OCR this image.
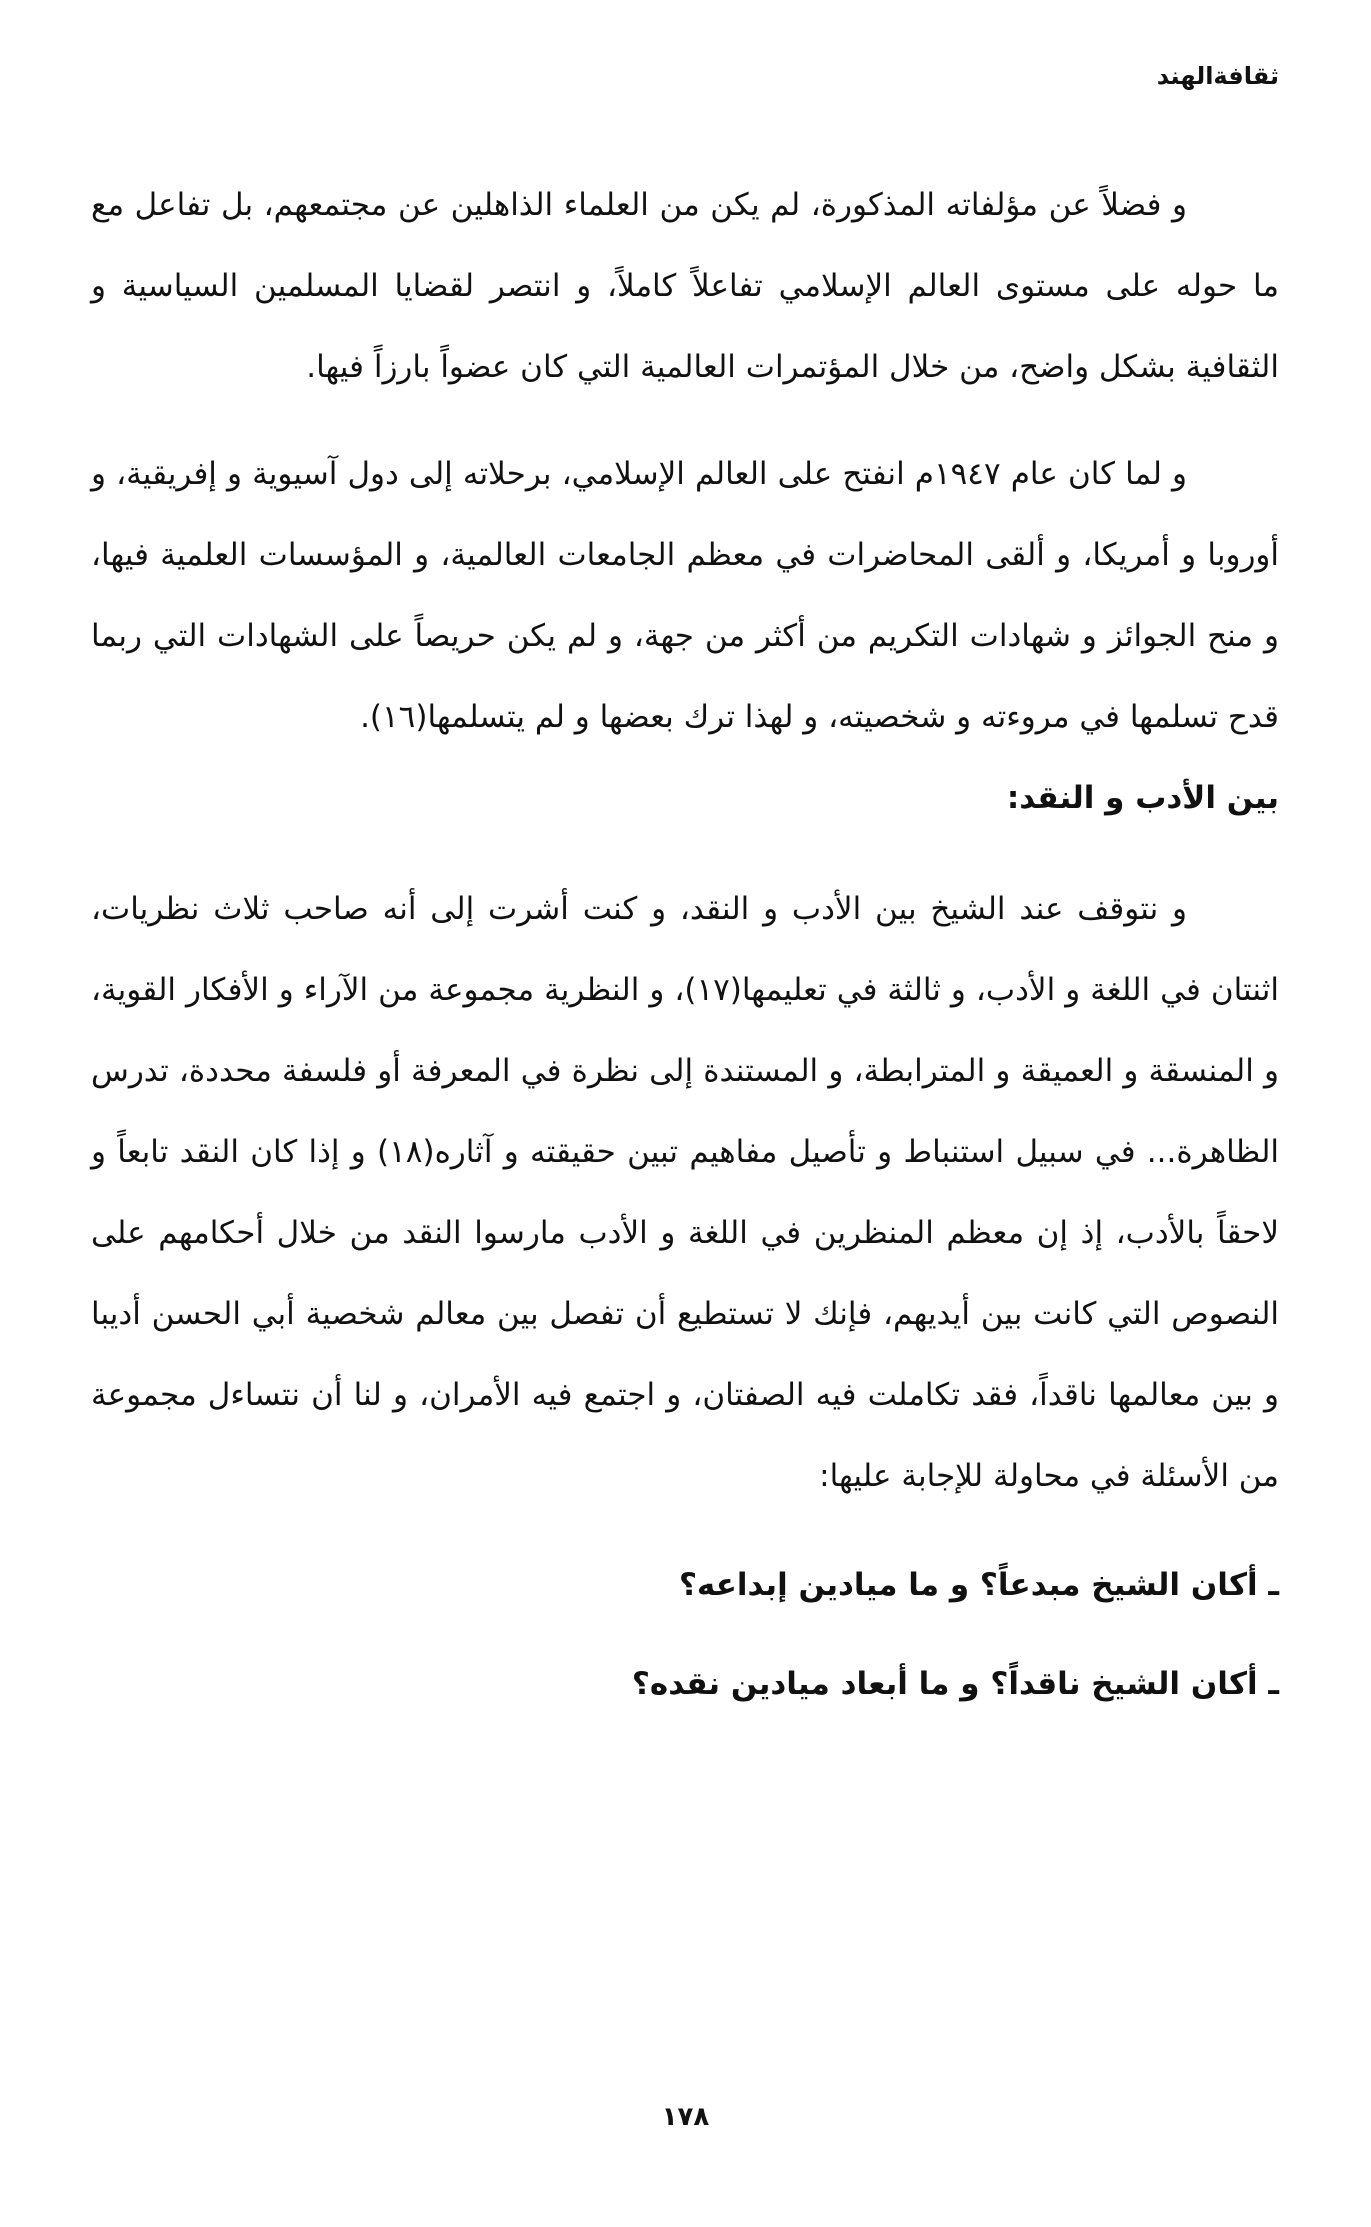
ثقافةالهند

و فضلاً عن مؤلفاته المذكورة، لم يكن من العلماء الذاهلين عن مجتمعهم، بل تفاعل مع ما حوله على مستوى العالم الإسلامي تفاعلاً كاملاً، و انتصر لقضايا المسلمين السياسية و الثقافية بشكل واضح، من خلال المؤتمرات العالمية التي كان عضواً بارزاً فيها.

و لما كان عام ١٩٤٧م انفتح على العالم الإسلامي، برحلاته إلى دول آسيوية و إفريقية، و أوروبا و أمريكا، و ألقى المحاضرات في معظم الجامعات العالمية، و المؤسسات العلمية فيها، و منح الجوائز و شهادات التكريم من أكثر من جهة، و لم يكن حريصاً على الشهادات التي ربما قدح تسلمها في مروءته و شخصيته، و لهذا ترك بعضها و لم يتسلمها(١٦).

بين الأدب و النقد:

و نتوقف عند الشيخ بين الأدب و النقد، و كنت أشرت إلى أنه صاحب ثلاث نظريات، اثنتان في اللغة و الأدب، و ثالثة في تعليمها(١٧)، و النظرية مجموعة من الآراء و الأفكار القوية، و المنسقة و العميقة و المترابطة، و المستندة إلى نظرة في المعرفة أو فلسفة محددة، تدرس الظاهرة... في سبيل استنباط و تأصيل مفاهيم تبين حقيقته و آثاره(١٨) و إذا كان النقد تابعاً و لاحقاً بالأدب، إذ إن معظم المنظرين في اللغة و الأدب مارسوا النقد من خلال أحكامهم على النصوص التي كانت بين أيديهم، فإنك لا تستطيع أن تفصل بين معالم شخصية أبي الحسن أديبا و بين معالمها ناقداً، فقد تكاملت فيه الصفتان، و اجتمع فيه الأمران، و لنا أن نتساءل مجموعة من الأسئلة في محاولة للإجابة عليها:

ـ أكان الشيخ مبدعاً؟ و ما ميادين إبداعه؟

ـ أكان الشيخ ناقداً؟ و ما أبعاد ميادين نقده؟

١٧٨
